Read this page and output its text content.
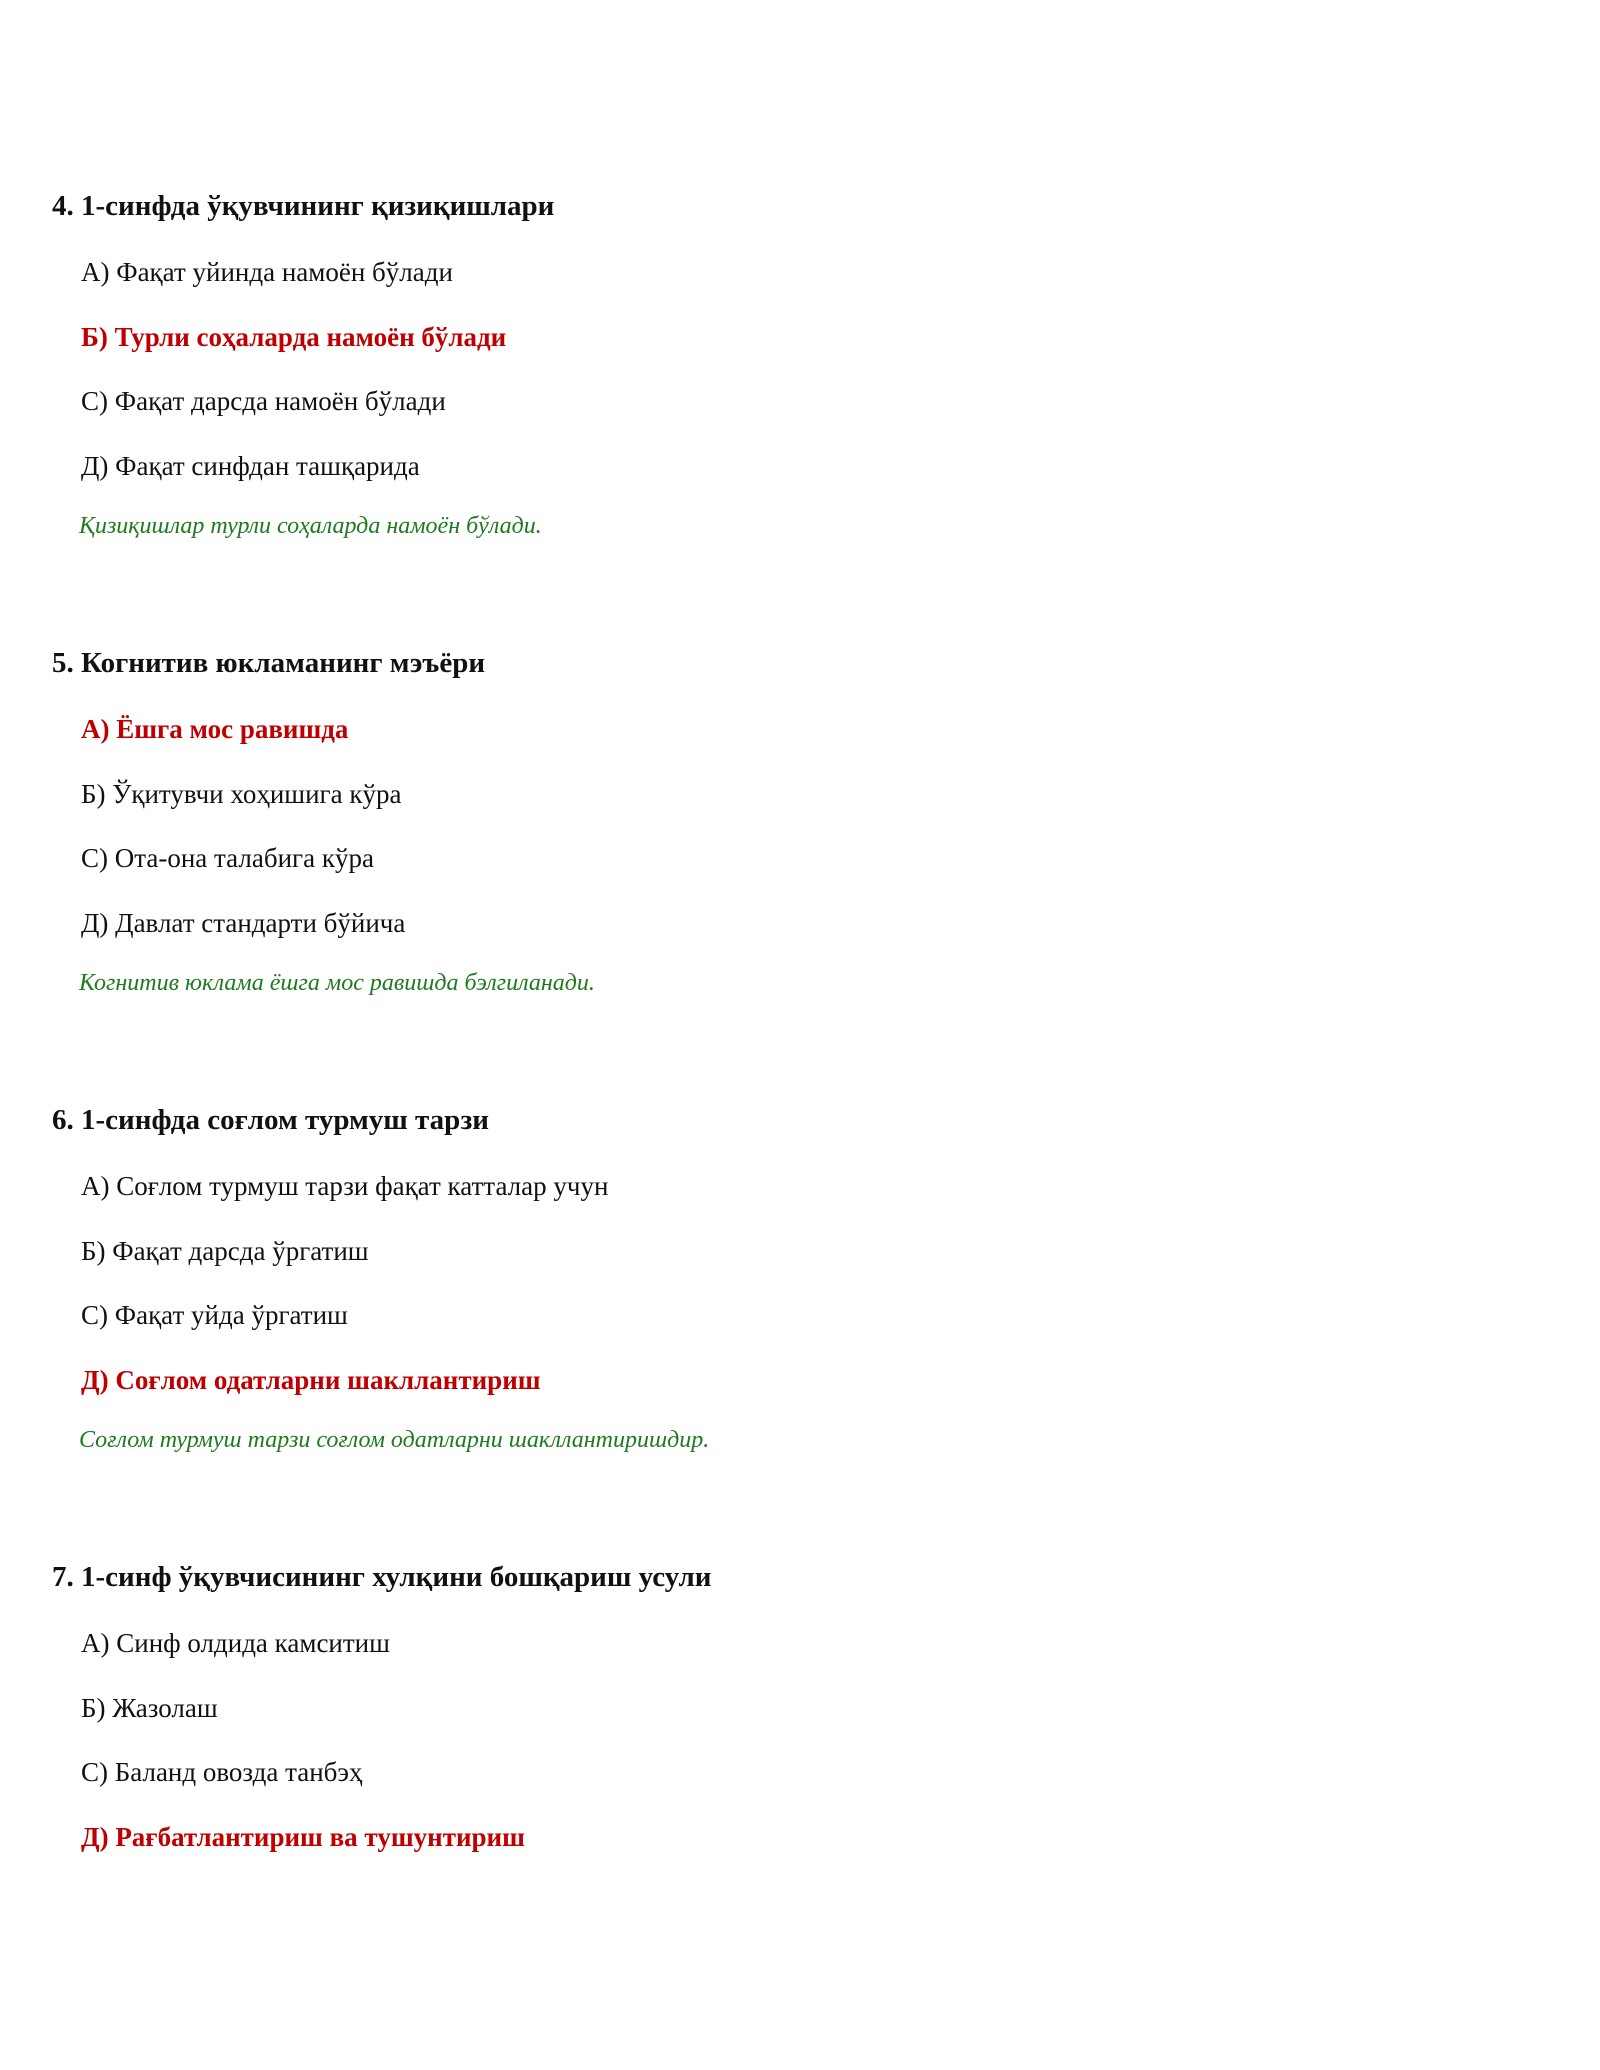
4. 1-синфда ўқувчининг қизиқишлари
А) Фақат уйинда намоён бўлади
Б) Турли соҳаларда намоён бўлади
С) Фақат дарсда намоён бўлади
Д) Фақат синфдан ташқарида
Қизиқишлар турли соҳаларда намоён бўлади.
5. Когнитив юкламанинг мэъёри
А) Ёшга мос равишда
Б) Ўқитувчи хоҳишига кўра
С) Ота-она талабига кўра
Д) Давлат стандарти бўйича
Когнитив юклама ёшга мос равишда бэлгиланади.
6. 1-синфда соғлом турмуш тарзи
А) Соғлом турмуш тарзи фақат катталар учун
Б) Фақат дарсда ўргатиш
С) Фақат уйда ўргатиш
Д) Соғлом одатларни шакллантириш
Соғлом турмуш тарзи соғлом одатларни шакллантиришдир.
7. 1-синф ўқувчисининг хулқини бошқариш усули
А) Синф олдида камситиш
Б) Жазолаш
С) Баланд овозда танбэҳ
Д) Рағбатлантириш ва тушунтириш
